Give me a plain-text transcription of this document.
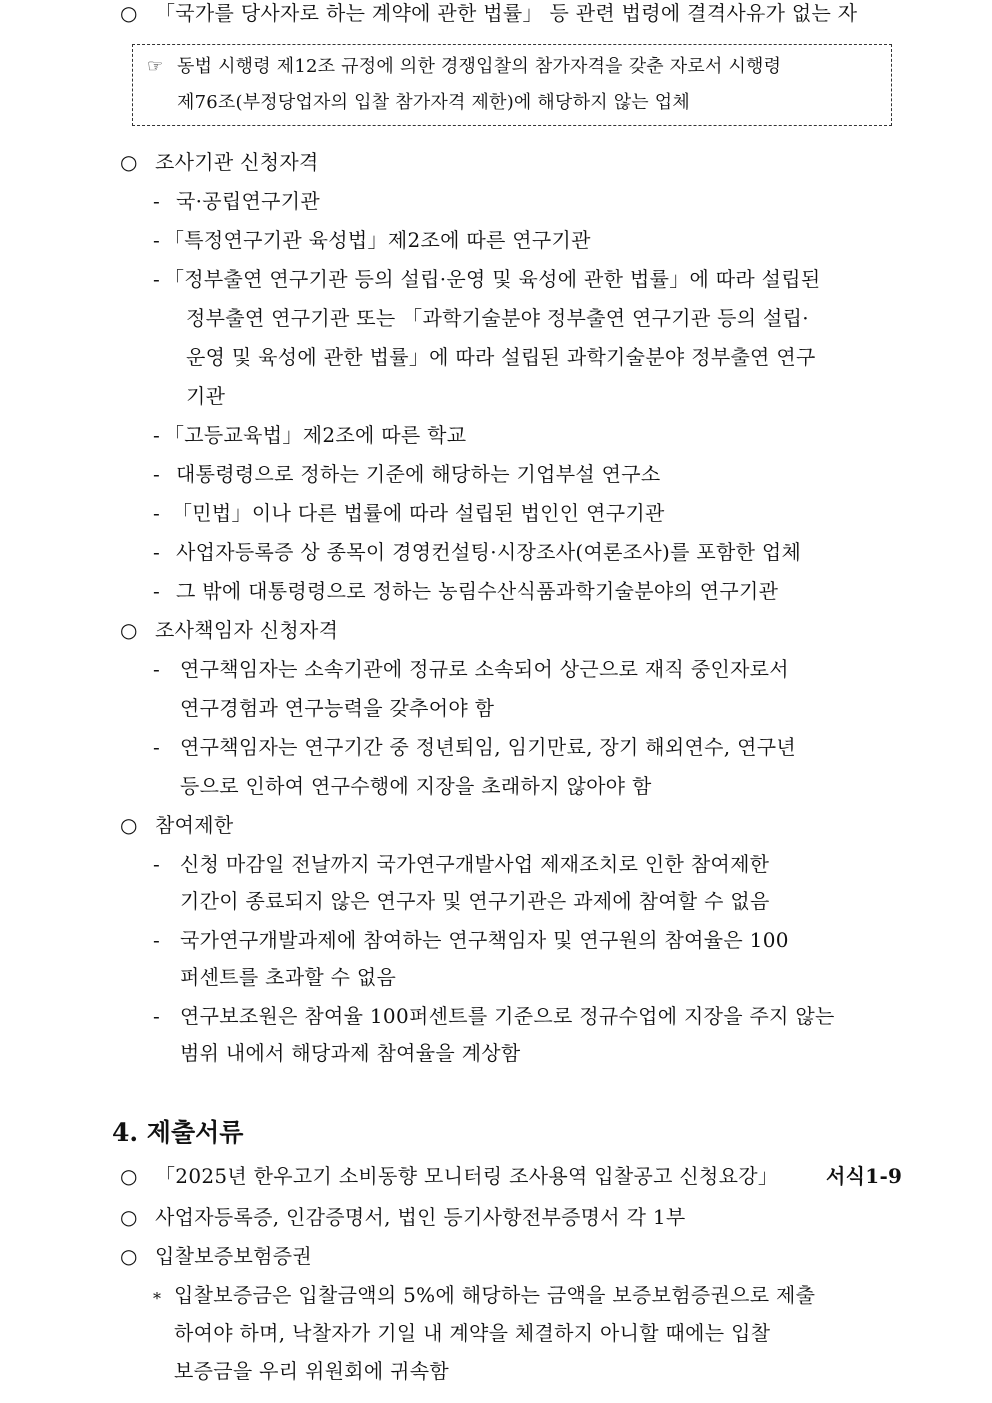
○ 「국가를 당사자로 하는 계약에 관한 법률」 등 관련 법령에 결격사유가 없는 자
☞ 동법 시행령 제12조 규정에 의한 경쟁입찰의 참가자격을 갖춘 자로서 시행령
제76조(부정당업자의 입찰 참가자격 제한)에 해당하지 않는 업체
○ 조사기관 신청자격
- 국·공립연구기관
- 「특정연구기관 육성법」제2조에 따른 연구기관
- 「정부출연 연구기관 등의 설립·운영 및 육성에 관한 법률」에 따라 설립된
정부출연 연구기관 또는 「과학기술분야 정부출연 연구기관 등의 설립·
운영 및 육성에 관한 법률」에 따라 설립된 과학기술분야 정부출연 연구
기관
- 「고등교육법」제2조에 따른 학교
- 대통령령으로 정하는 기준에 해당하는 기업부설 연구소
- 「민법」이나 다른 법률에 따라 설립된 법인인 연구기관
- 사업자등록증 상 종목이 경영컨설팅·시장조사(여론조사)를 포함한 업체
- 그 밖에 대통령령으로 정하는 농림수산식품과학기술분야의 연구기관
○ 조사책임자 신청자격
- 연구책임자는 소속기관에 정규로 소속되어 상근으로 재직 중인자로서
연구경험과 연구능력을 갖추어야 함
- 연구책임자는 연구기간 중 정년퇴임, 임기만료, 장기 해외연수, 연구년
등으로 인하여 연구수행에 지장을 초래하지 않아야 함
○ 참여제한
- 신청 마감일 전날까지 국가연구개발사업 제재조치로 인한 참여제한
기간이 종료되지 않은 연구자 및 연구기관은 과제에 참여할 수 없음
- 국가연구개발과제에 참여하는 연구책임자 및 연구원의 참여율은 100
퍼센트를 초과할 수 없음
- 연구보조원은 참여율 100퍼센트를 기준으로 정규수업에 지장을 주지 않는
범위 내에서 해당과제 참여율을 계상함
4. 제출서류
○ 「2025년 한우고기 소비동향 모니터링 조사용역 입찰공고 신청요강」 서식1-9
○ 사업자등록증, 인감증명서, 법인 등기사항전부증명서 각 1부
○ 입찰보증보험증권
* 입찰보증금은 입찰금액의 5%에 해당하는 금액을 보증보험증권으로 제출
하여야 하며, 낙찰자가 기일 내 계약을 체결하지 아니할 때에는 입찰
보증금을 우리 위원회에 귀속함
